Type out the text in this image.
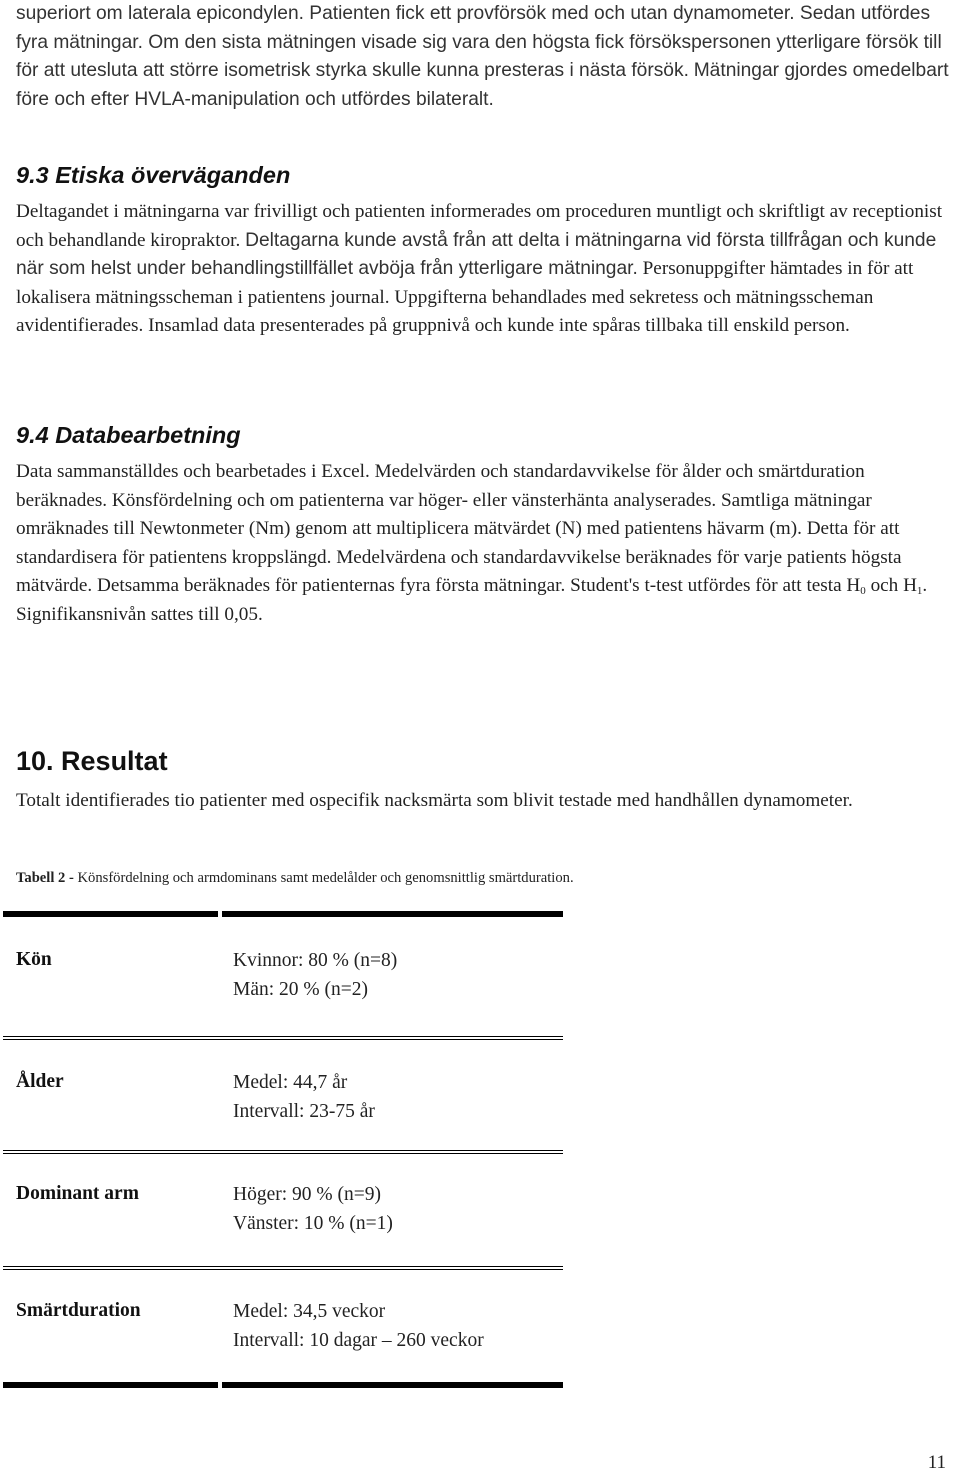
superiort om laterala epicondylen. Patienten fick ett provförsök med och utan dynamometer. Sedan utfördes fyra mätningar. Om den sista mätningen visade sig vara den högsta fick försökspersonen ytterligare försök till för att utesluta att större isometrisk styrka skulle kunna presteras i nästa försök. Mätningar gjordes omedelbart före och efter HVLA-manipulation och utfördes bilateralt.

9.3 Etiska överväganden

Deltagandet i mätningarna var frivilligt och patienten informerades om proceduren muntligt och skriftligt av receptionist och behandlande kiropraktor. Deltagarna kunde avstå från att delta i mätningarna vid första tillfrågan och kunde när som helst under behandlingstillfället avböja från ytterligare mätningar. Personuppgifter hämtades in för att lokalisera mätningsscheman i patientens journal. Uppgifterna behandlades med sekretess och mätningsscheman avidentifierades. Insamlad data presenterades på gruppnivå och kunde inte spåras tillbaka till enskild person.

9.4 Databearbetning

Data sammanställdes och bearbetades i Excel. Medelvärden och standardavvikelse för ålder och smärtduration beräknades. Könsfördelning och om patienterna var höger- eller vänsterhänta analyserades. Samtliga mätningar omräknades till Newtonmeter (Nm) genom att multiplicera mätvärdet (N) med patientens hävarm (m). Detta för att standardisera för patientens kroppslängd. Medelvärdena och standardavvikelse beräknades för varje patients högsta mätvärde. Detsamma beräknades för patienternas fyra första mätningar. Student's t-test utfördes för att testa $H_0$ och $H_1$. Signifikansnivån sattes till 0,05.

10. Resultat

Totalt identifierades tio patienter med ospecifik nacksmärta som blivit testade med handhållen dynamometer.

Tabell 2 - Könsfördelning och armdominans samt medelålder och genomsnittlig smärtduration.

Kön	Kvinnor: 80 % (n=8)
Män: 20 % (n=2)

Ålder	Medel: 44,7 år
Intervall: 23-75 år

Dominant arm	Höger: 90 % (n=9)
Vänster: 10 % (n=1)

Smärtduration	Medel: 34,5 veckor
Intervall: 10 dagar – 260 veckor

11
